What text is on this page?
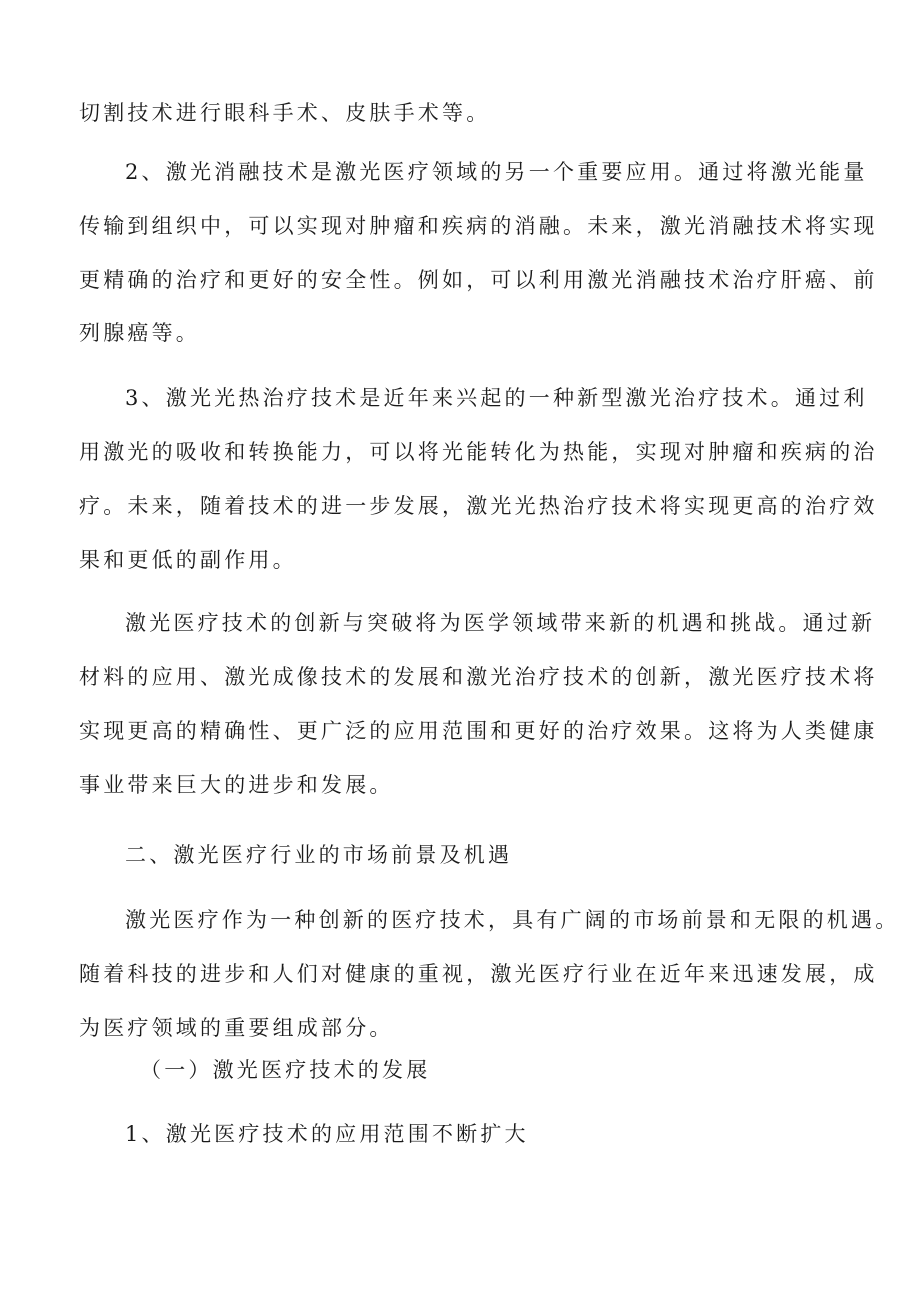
切割技术进行眼科手术、皮肤手术等。
2、激光消融技术是激光医疗领域的另一个重要应用。通过将激光能量
传输到组织中，可以实现对肿瘤和疾病的消融。未来，激光消融技术将实现
更精确的治疗和更好的安全性。例如，可以利用激光消融技术治疗肝癌、前
列腺癌等。
3、激光光热治疗技术是近年来兴起的一种新型激光治疗技术。通过利
用激光的吸收和转换能力，可以将光能转化为热能，实现对肿瘤和疾病的治
疗。未来，随着技术的进一步发展，激光光热治疗技术将实现更高的治疗效
果和更低的副作用。
激光医疗技术的创新与突破将为医学领域带来新的机遇和挑战。通过新
材料的应用、激光成像技术的发展和激光治疗技术的创新，激光医疗技术将
实现更高的精确性、更广泛的应用范围和更好的治疗效果。这将为人类健康
事业带来巨大的进步和发展。
二、激光医疗行业的市场前景及机遇
激光医疗作为一种创新的医疗技术，具有广阔的市场前景和无限的机遇。
随着科技的进步和人们对健康的重视，激光医疗行业在近年来迅速发展，成
为医疗领域的重要组成部分。
（一）激光医疗技术的发展
1、激光医疗技术的应用范围不断扩大
